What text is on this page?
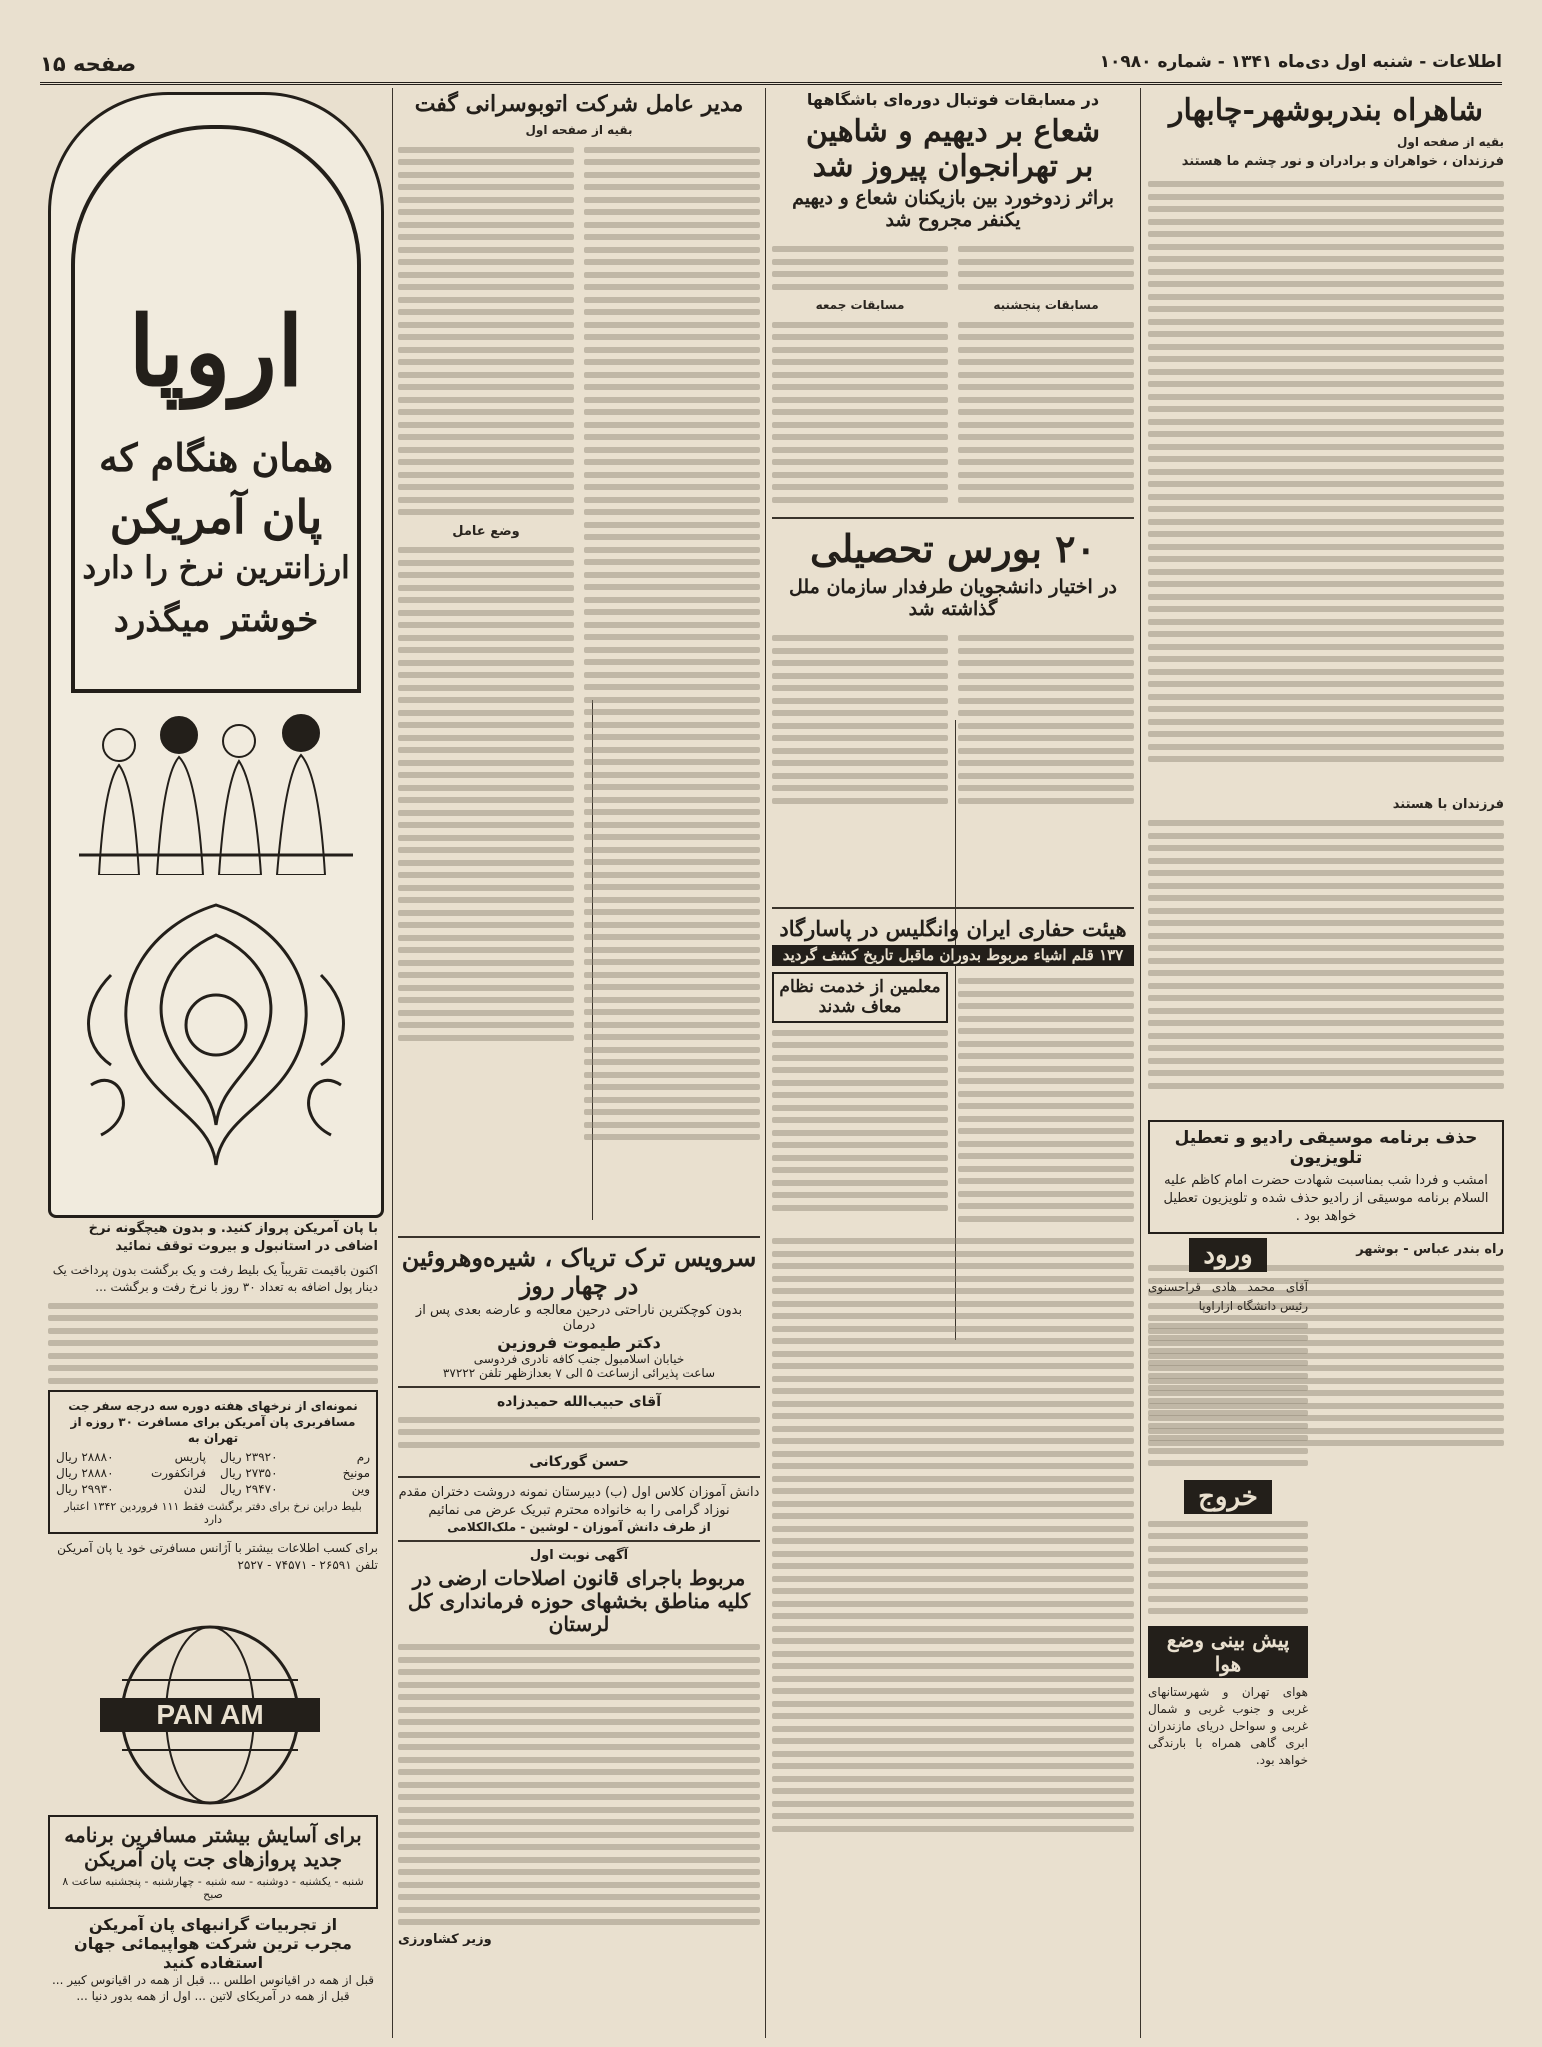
صفحه ۱۵	اطلاعات - شنبه اول دی‌ماه ۱۳۴۱ - شماره ۱۰۹۸۰
شاهراه بندربوشهر-چابهار
بقیه از صفحه اول
فرزندان ، خواهران و برادران و نور چشم ما هستند
فرزندان با هستند
حذف برنامه موسیقی رادیو و تعطیل تلویزیون
امشب و فردا شب بمناسبت شهادت حضرت امام کاظم علیه السلام برنامه موسیقی از رادیو حذف شده و تلویزیون تعطیل خواهد بود .
راه بندر عباس - بوشهر
ورود
آقای محمد هادی قراحسنوی رئیس دانشگاه ازاراوپا
خروج
پیش بینی وضع هوا
هوای تهران و شهرستانهای غربی و جنوب غربی و شمال غربی و سواحل دریای مازندران ابری گاهی همراه با بارندگی خواهد بود.
در مسابقات فوتبال دوره‌ای باشگاهها
شعاع بر دیهیم و شاهین
بر تهرانجوان پیروز شد
براثر زدوخورد بین بازیکنان شعاع و دیهیم یکنفر مجروح شد
مسابقات پنجشنبه
مسابقات جمعه
۲۰ بورس تحصیلی
در اختیار دانشجویان طرفدار سازمان ملل گذاشته شد
هیئت حفاری ایران وانگلیس در پاسارگاد
۱۳۷ قلم اشیاء مربوط بدوران ماقبل تاریخ کشف گردید
معلمین از خدمت نظام معاف شدند
مدیر عامل شرکت اتوبوسرانی گفت
بقیه از صفحه اول
وضع عامل
سرویس ترک تریاک ، شیره‌وهروئین در چهار روز
بدون کوچکترین ناراحتی درحین معالجه و عارضه بعدی پس از درمان
دکتر طیموت فروزین
خیابان اسلامبول جنب کافه نادری فردوسی
ساعت پذیرائی ازساعت ۵ الی ۷ بعدازظهر تلفن ۳۷۲۲۲
آقای حبیب‌الله حمیدزاده
حسن گورکانی
دانش آموزان کلاس اول (ب) دبیرستان نمونه دروشت دختران مقدم نوزاد گرامی را به خانواده محترم تبریک عرض می نمائیم
از طرف دانش آموزان - لوشین - ملک‌الکلامی
آگهی نوبت اول
مربوط باجرای قانون اصلاحات ارضی در کلیه مناطق بخشهای حوزه فرمانداری کل لرستان
وزیر کشاورزی
اروپا
همان هنگام که
پان آمریکن
ارزانترین نرخ را دارد
خوشتر میگذرد
با پان آمریکن پرواز کنید. و بدون هیچگونه نرخ اضافی در استانبول و بیروت توقف نمائید
اکنون باقیمت تقریباً یک بلیط رفت و یک برگشت بدون پرداخت یک دینار پول اضافه به تعداد ۳۰ روز با نرخ رفت و برگشت ...
نمونه‌ای از نرخهای هفته دوره سه درجه سفر جت مسافربری پان آمریکن برای مسافرت ۳۰ روزه از تهران به
رم
۲۳۹۲۰ ریال
پاریس
۲۸۸۸۰ ریال
مونیخ
۲۷۳۵۰ ریال
فرانکفورت
۲۸۸۸۰ ریال
وین
۲۹۴۷۰ ریال
لندن
۲۹۹۳۰ ریال
بلیط دراین نرخ برای دفتر برگشت فقط ۱۱۱ فروردین ۱۳۴۲ اعتبار دارد
برای کسب اطلاعات بیشتر با آژانس مسافرتی خود یا پان آمریکن تلفن ۲۶۵۹۱ - ۷۴۵۷۱ - ۲۵۲۷
PAN AM
برای آسایش بیشتر مسافرین برنامه
جدید پروازهای جت پان آمریکن
شنبه - یکشنبه - دوشنبه - سه شنبه - چهارشنبه - پنجشنبه ساعت ۸ صبح
از تجربیات گرانبهای پان آمریکن
مجرب ترین شرکت هواپیمائی جهان استفاده کنید
قبل از همه در اقیانوس اطلس ... قبل از همه در اقیانوس کبیر ... قبل از همه در آمریکای لاتین ... اول از همه بدور دنیا ...
